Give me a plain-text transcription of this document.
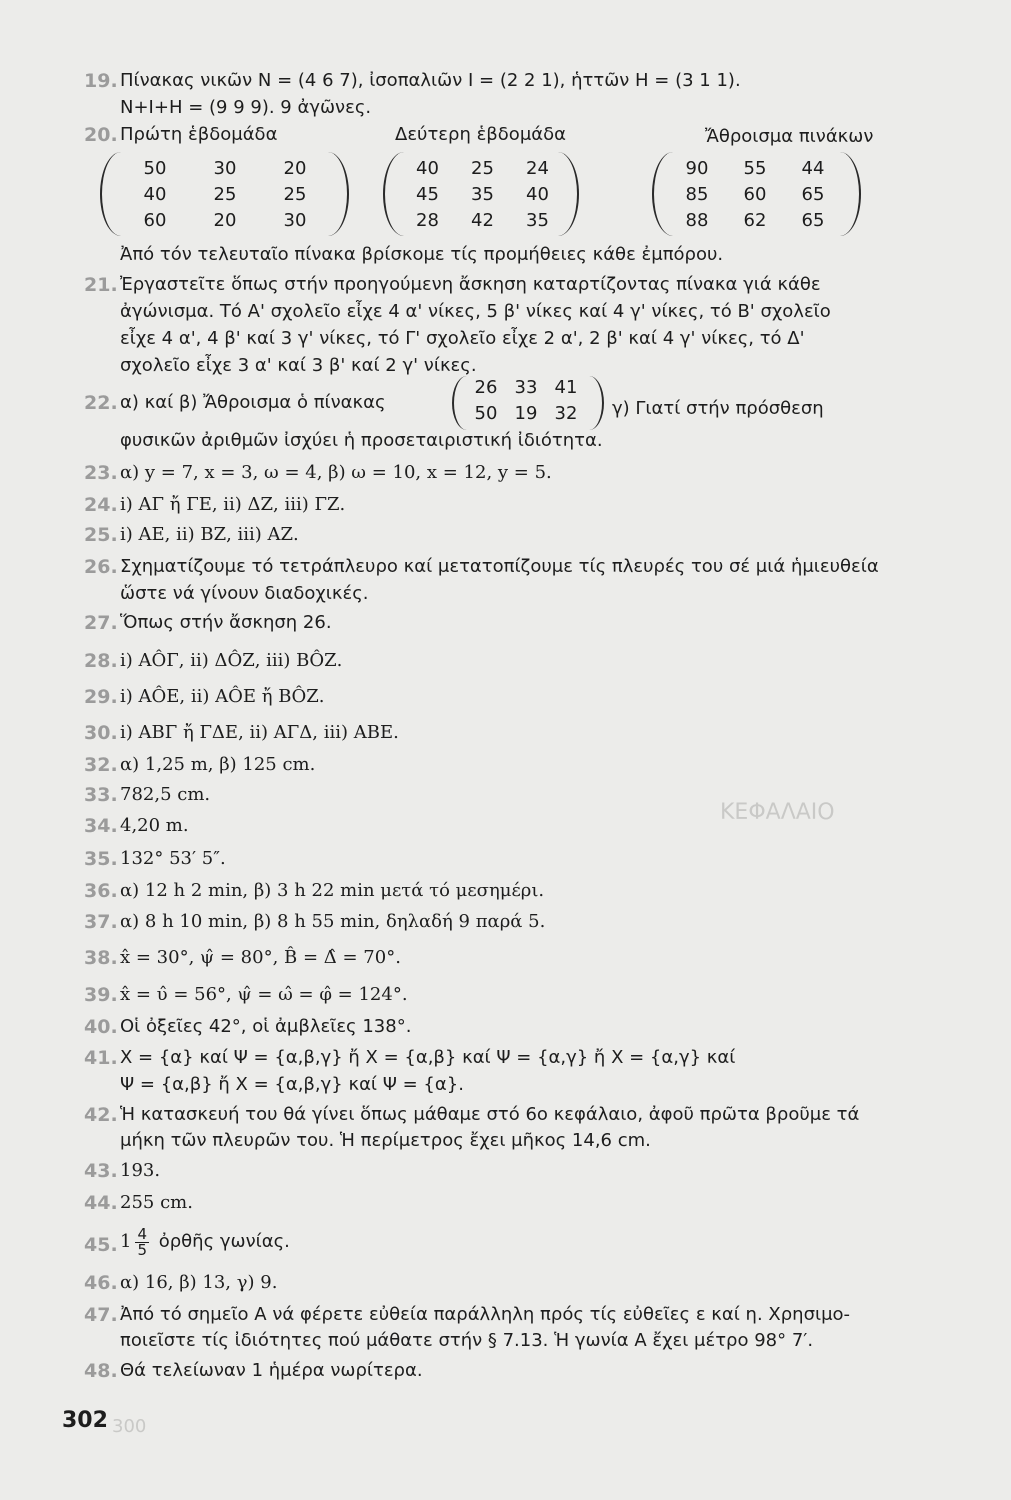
ΚΕΦΑΛΑΙΟ
300
19. Πίνακας νικῶν Ν = (4 6 7), ἰσοπαλιῶν Ι = (2 2 1), ἡττῶν Η = (3 1 1).
N+I+H = (9 9 9). 9 ἀγῶνες.
20. Πρώτη ἑβδομάδα	Δεύτερη ἑβδομάδα	Ἄθροισμα πινάκων
50	30	20
40	25	25
60	20	30
40	25	24
45	35	40
28	42	35
90	55	44
85	60	65
88	62	65
Ἀπό τόν τελευταῖο πίνακα βρίσκομε τίς προμήθειες κάθε ἐμπόρου.
21. Ἐργαστεῖτε ὅπως στήν προηγούμενη ἄσκηση καταρτίζοντας πίνακα γιά κάθε
ἀγώνισμα. Τό Α' σχολεῖο εἶχε 4 α' νίκες, 5 β' νίκες καί 4 γ' νίκες, τό Β' σχολεῖο
εἶχε 4 α', 4 β' καί 3 γ' νίκες, τό Γ' σχολεῖο εἶχε 2 α', 2 β' καί 4 γ' νίκες, τό Δ'
σχολεῖο εἶχε 3 α' καί 3 β' καί 2 γ' νίκες.
22. α) καί β) Ἄθροισμα ὁ πίνακας
26 33 41
50 19 32	γ) Γιατί στήν πρόσθεση
φυσικῶν ἀριθμῶν ἰσχύει ἡ προσεταιριστική ἰδιότητα.
23. α) y = 7, x = 3, ω = 4, β) ω = 10, x = 12, y = 5.
24. i) ΑΓ ἤ ΓΕ, ii) ΔΖ, iii) ΓΖ.
25. i) ΑΕ, ii) ΒΖ, iii) ΑΖ.
26. Σχηματίζουμε τό τετράπλευρο καί μετατοπίζουμε τίς πλευρές του σέ μιά ἡμιευθεία
ὥστε νά γίνουν διαδοχικές.
27. Ὅπως στήν ἄσκηση 26.
28. i) ΑÔΓ, ii) ΔÔΖ, iii) ΒÔΖ.
29. i) ΑÔΕ, ii) ΑÔΕ ἤ ΒÔΖ.
30. i) ΑΒΓ ἤ ΓΔΕ, ii) ΑΓΔ, iii) ΑΒΕ.
32. α) 1,25 m, β) 125 cm.
33. 782,5 cm.
34. 4,20 m.
35. 132° 53′ 5″.
36. α) 12 h 2 min, β) 3 h 22 min μετά τό μεσημέρι.
37. α) 8 h 10 min, β) 8 h 55 min, δηλαδή 9 παρά 5.
38. x̂ = 30°, ψ̂ = 80°, B̂ = Δ̂ = 70°.
39. x̂ = υ̂ = 56°, ψ̂ = ω̂ = φ̂ = 124°.
40. Οἱ ὀξεῖες 42°, οἱ ἀμβλεῖες 138°.
41. Χ = {α} καί Ψ = {α,β,γ} ἤ Χ = {α,β} καί Ψ = {α,γ} ἤ Χ = {α,γ} καί
Ψ = {α,β} ἤ Χ = {α,β,γ} καί Ψ = {α}.
42. Ἡ κατασκευή του θά γίνει ὅπως μάθαμε στό 6ο κεφάλαιο, ἀφοῦ πρῶτα βροῦμε τά
μήκη τῶν πλευρῶν του. Ἡ περίμετρος ἔχει μῆκος 14,6 cm.
43. 193.
44. 255 cm.
45. $1 \frac{4}{5}$ ὀρθῆς γωνίας.
46. α) 16, β) 13, γ) 9.
47. Ἀπό τό σημεῖο Α νά φέρετε εὐθεία παράλληλη πρός τίς εὐθεῖες ε καί η. Χρησιμο-
ποιεῖστε τίς ἰδιότητες πού μάθατε στήν § 7.13. Ἡ γωνία Α ἔχει μέτρο 98° 7′.
48. Θά τελείωναν 1 ἡμέρα νωρίτερα.
302
